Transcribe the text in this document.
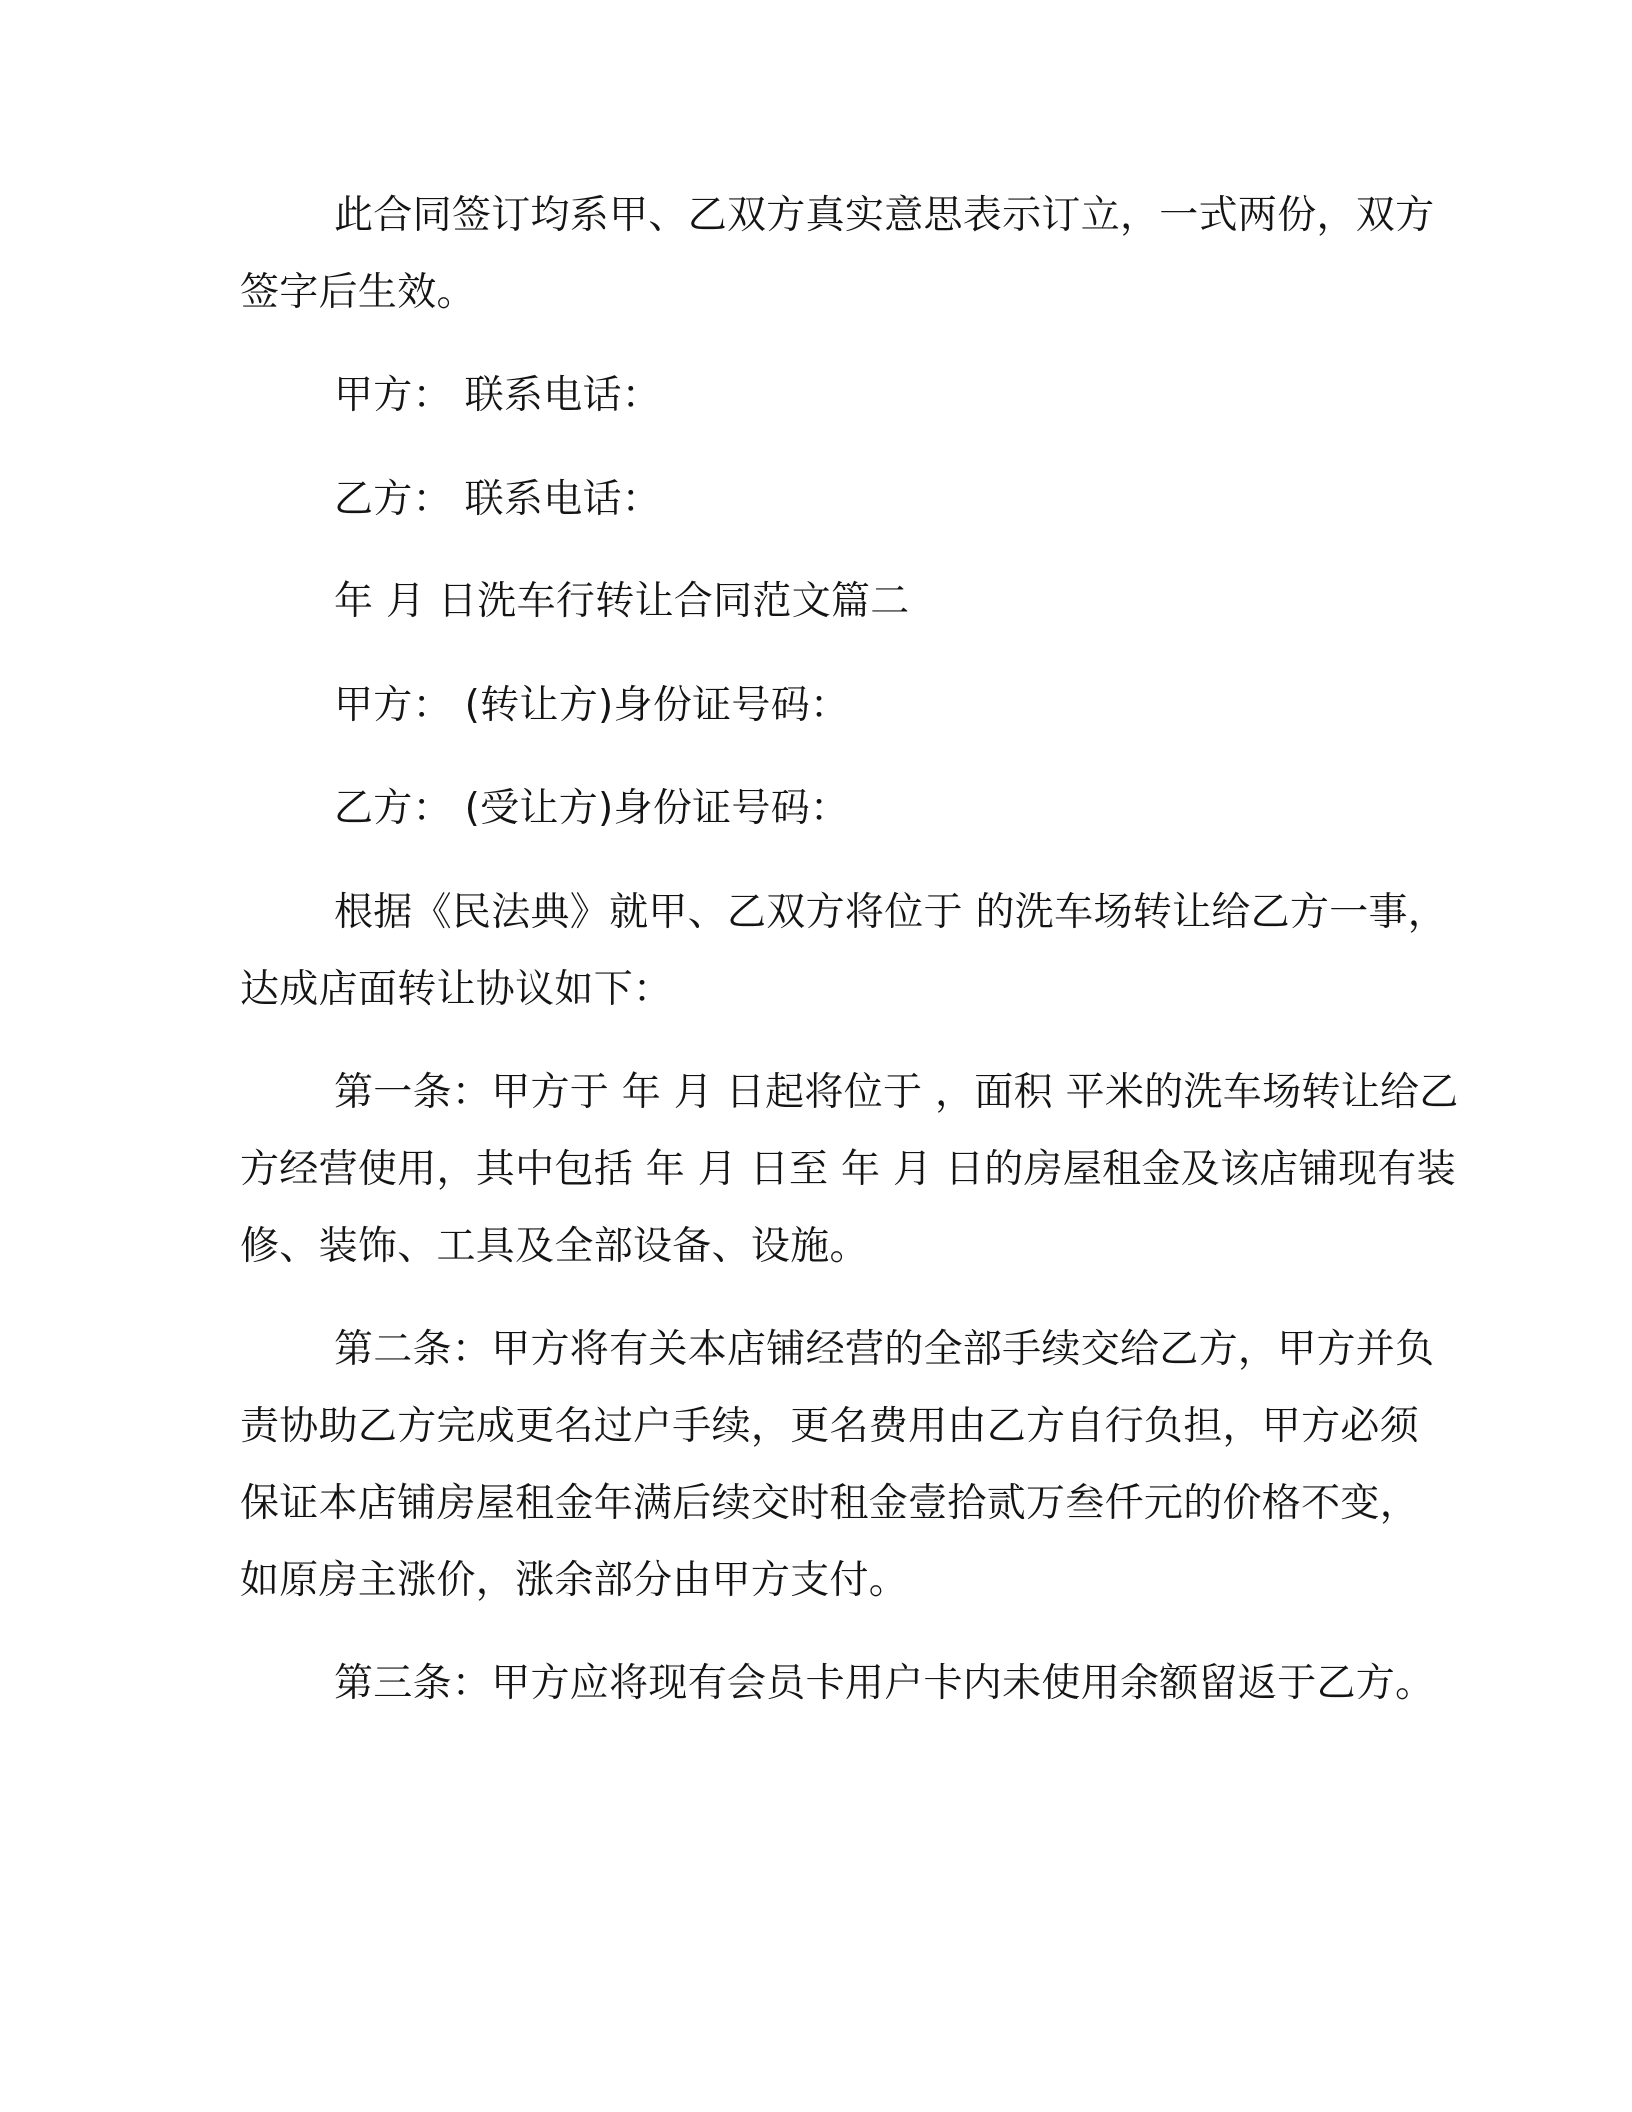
此合同签订均系甲、乙双方真实意思表示订立，一式两份，双方

签字后生效。

甲方： 联系电话：

乙方： 联系电话：

年 月 日洗车行转让合同范文篇二

甲方： (转让方)身份证号码：

乙方： (受让方)身份证号码：

根据《民法典》就甲、乙双方将位于 的洗车场转让给乙方一事，

达成店面转让协议如下：

第一条：甲方于 年 月 日起将位于 ，面积 平米的洗车场转让给乙

方经营使用，其中包括 年 月 日至 年 月 日的房屋租金及该店铺现有装

修、装饰、工具及全部设备、设施。

第二条：甲方将有关本店铺经营的全部手续交给乙方，甲方并负

责协助乙方完成更名过户手续，更名费用由乙方自行负担，甲方必须

保证本店铺房屋租金年满后续交时租金壹拾贰万叁仟元的价格不变，

如原房主涨价，涨余部分由甲方支付。

第三条：甲方应将现有会员卡用户卡内未使用余额留返于乙方。
